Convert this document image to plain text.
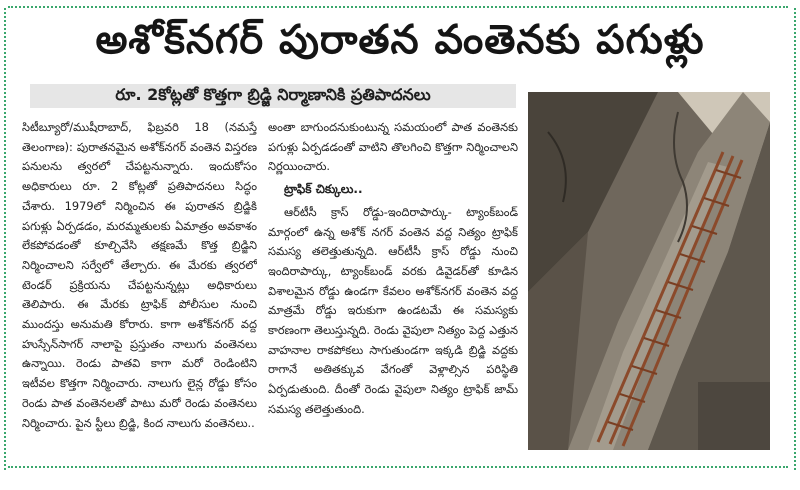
అశోక్‌నగర్ పురాతన వంతెనకు పగుళ్లు
రూ. 2కోట్లతో కొత్తగా బ్రిడ్జి నిర్మాణానికి ప్రతిపాదనలు

సిటీబ్యూరో/ముషీరాబాద్, ఫిబ్రవరి 18 (నమస్తే తెలంగాణ): పురాతనమైన అశోక్‌నగర్ వంతెన విస్తరణ పనులను త్వరలో చేపట్టనున్నారు. ఇందుకోసం అధికారులు రూ. 2 కోట్లతో ప్రతిపాదనలు సిద్ధం చేశారు. 1979లో నిర్మించిన ఈ పురాతన బ్రిడ్జికి పగుళ్లు ఏర్పడడం, మరమ్మతులకు ఏమాత్రం అవకాశం లేకపోవడంతో కూల్చివేసి తక్షణమే కొత్త బ్రిడ్జిని నిర్మించాలని సర్వేలో తేల్చారు. ఈ మేరకు త్వరలో టెండర్ ప్రక్రియను చేపట్టనున్నట్లు అధికారులు తెలిపారు. ఈ మేరకు ట్రాఫిక్ పోలీసుల నుంచి ముందస్తు అనుమతి కోరారు. కాగా అశోక్‌నగర్ వద్ద హుస్సేన్‌సాగర్ నాలాపై ప్రస్తుతం నాలుగు వంతెనలు ఉన్నాయి. రెండు పాతవి కాగా మరో రెండింటిని ఇటీవల కొత్తగా నిర్మించారు. నాలుగు లైన్ల రోడ్డు కోసం రెండు పాత వంతెనలతో పాటు మరో రెండు వంతెనలు నిర్మించారు. పైన స్టీలు బ్రిడ్జి, కింద నాలుగు వంతెనలు..

అంతా బాగుందనుకుంటున్న సమయంలో పాత వంతెనకు పగుళ్లు ఏర్పడడంతో వాటిని తొలగించి కొత్తగా నిర్మించాలని నిర్ణయించారు.

ట్రాఫిక్ చిక్కులు..

ఆర్‌టీసీ క్రాస్ రోడ్డు-ఇందిరాపార్కు- ట్యాంక్‌బండ్ మార్గంలో ఉన్న అశోక్ నగర్ వంతెన వద్ద నిత్యం ట్రాఫిక్ సమస్య తలెత్తుతున్నది. ఆర్‌టీసీ క్రాస్ రోడ్డు నుంచి ఇందిరాపార్కు, ట్యాంక్‌బండ్ వరకు డివైడర్‌తో కూడిన విశాలమైన రోడ్డు ఉండగా కేవలం అశోక్‌నగర్ వంతెన వద్ద మాత్రమే రోడ్డు ఇరుకుగా ఉండటమే ఈ సమస్యకు కారణంగా తెలుస్తున్నది. రెండు వైపులా నిత్యం పెద్ద ఎత్తున వాహనాల రాకపోకలు సాగుతుండగా ఇక్కడి బ్రిడ్జి వద్దకు రాగానే అతితక్కువ వేగంతో వెళ్లాల్సిన పరిస్థితి ఏర్పడుతుంది. దీంతో రెండు వైపులా నిత్యం ట్రాఫిక్ జామ్ సమస్య తలెత్తుతుంది.
